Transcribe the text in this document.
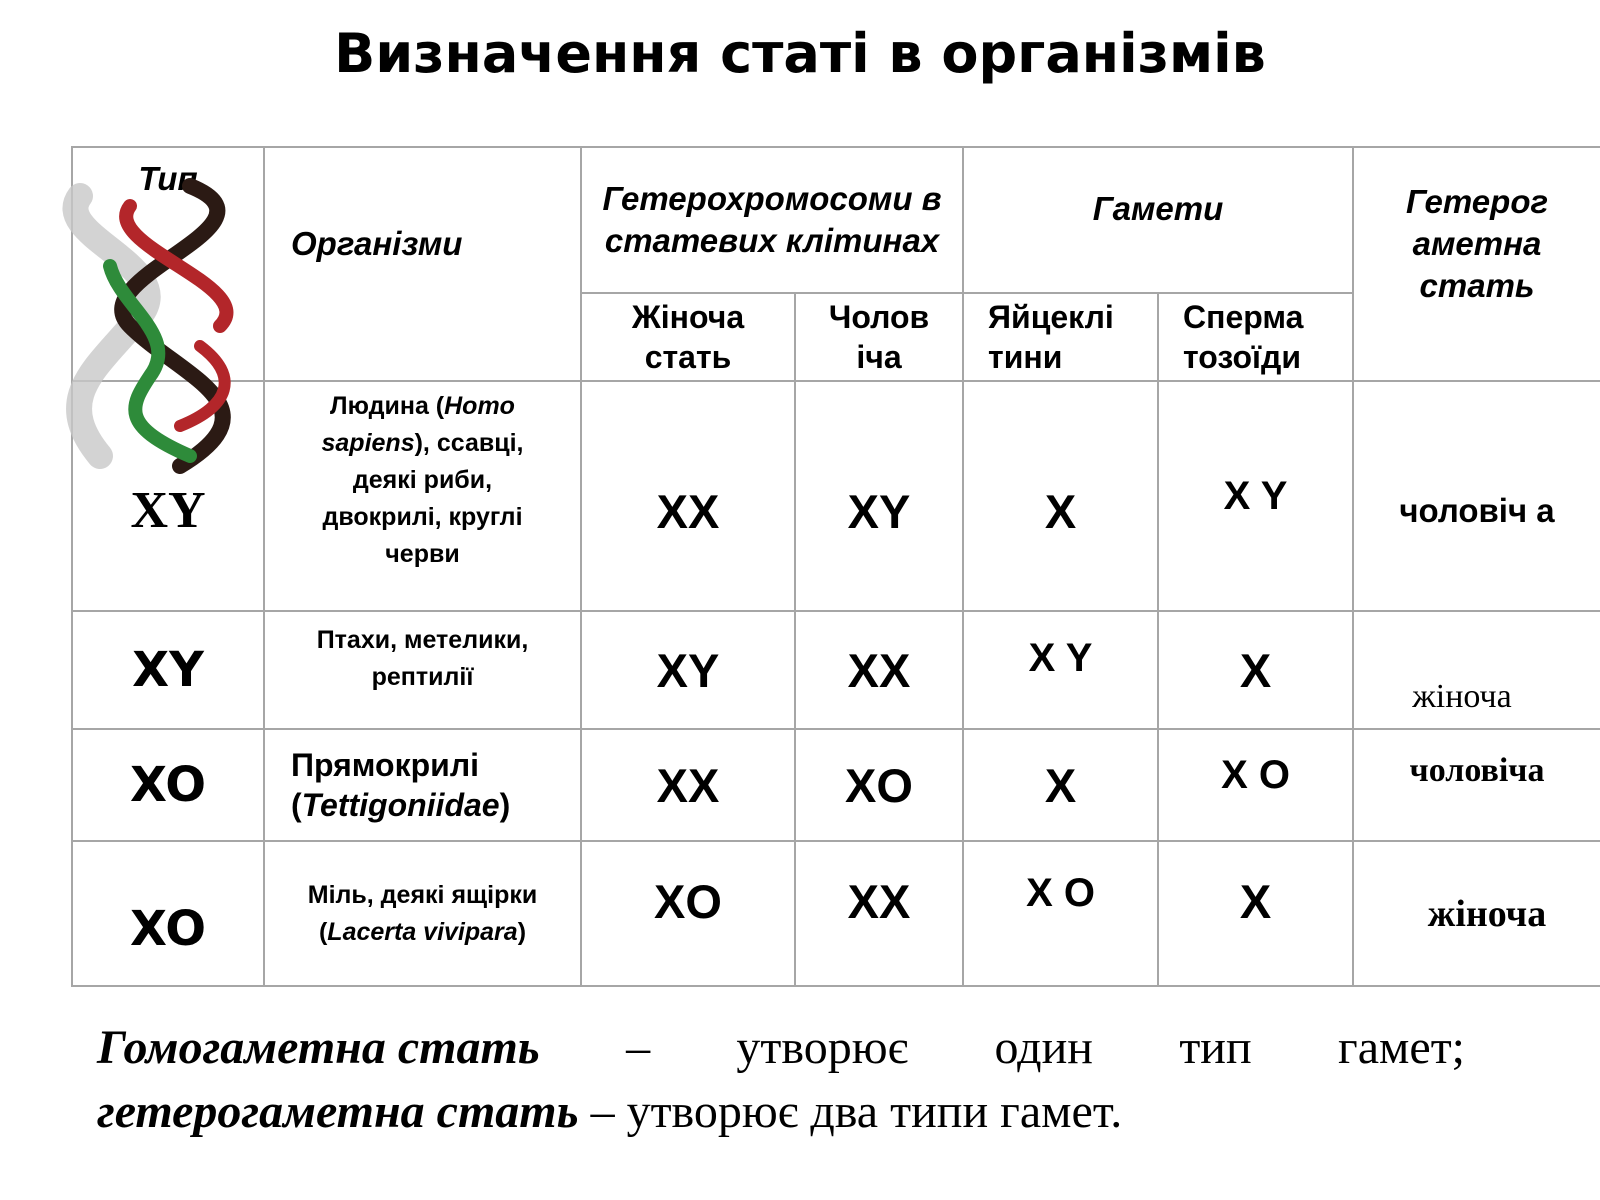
Визначення статі в організмів
Тип	Організми	Гетерохромосоми в статевих клітинах		Гамети		Гетерог аметна стать
		Жіноча стать	Чолов іча	Яйцеклі тини	Сперма тозоїди	
XY	Людина (Homo sapiens), ссавці, деякі риби, двокрилі, круглі черви	XX	XY	X	X Y	чоловіч а
XY	Птахи, метелики, рептилії	XY	XX	X Y	X	жіноча
XO	Прямокрилі (Tettigoniidae)	XX	XO	X	X O	чоловіча
XO	Міль, деякі ящірки (Lacerta vivipara)	XO	XX	X O	X	жіноча
Гомогаметна стать – утворює один тип гамет;
гетерогаметна стать – утворює два типи гамет.
